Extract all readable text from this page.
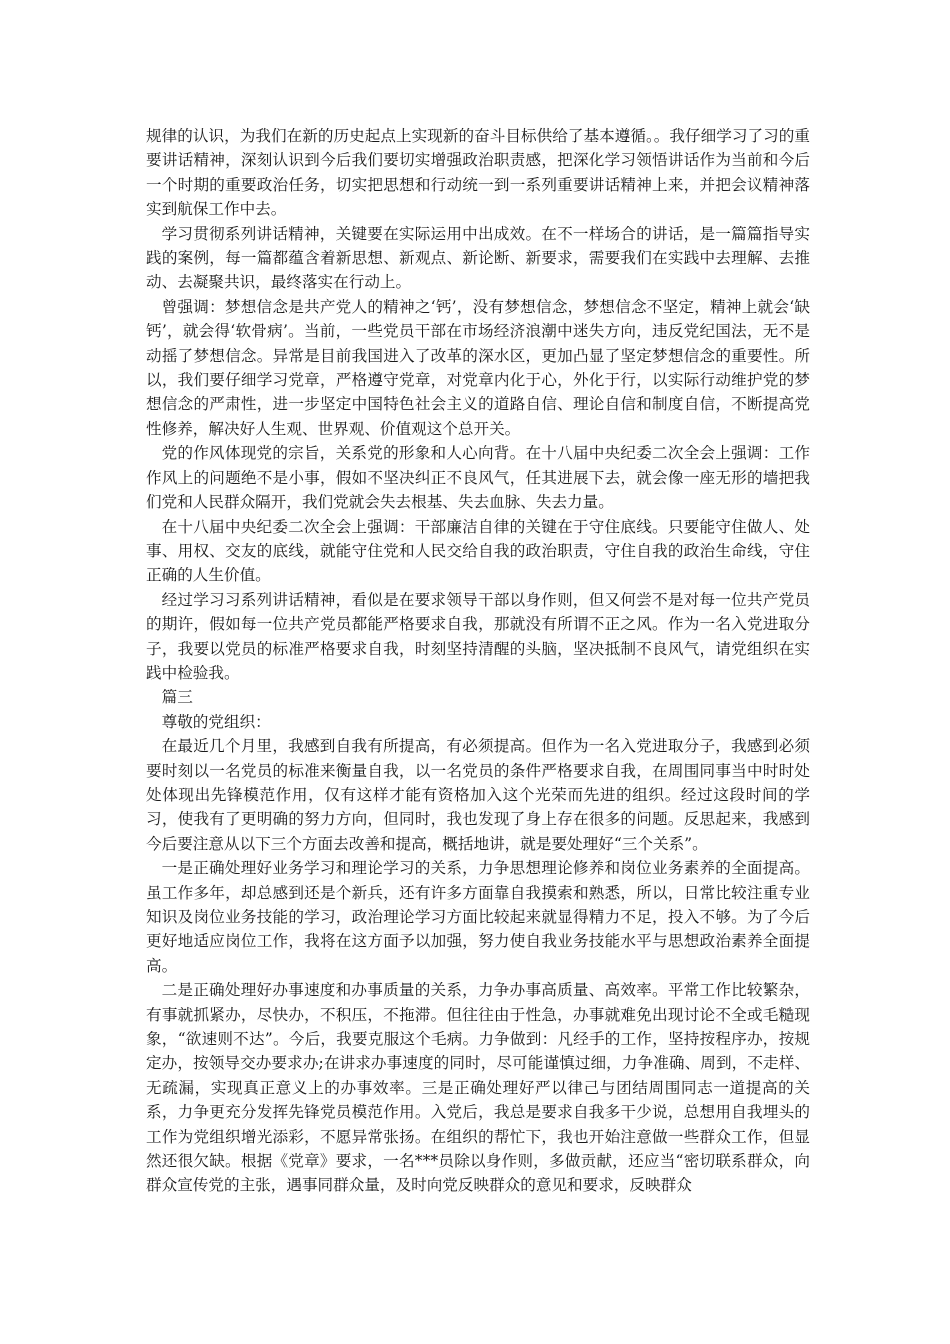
规律的认识，为我们在新的历史起点上实现新的奋斗目标供给了基本遵循。。我仔细学习了习的重要讲话精神，深刻认识到今后我们要切实增强政治职责感，把深化学习领悟讲话作为当前和今后一个时期的重要政治任务，切实把思想和行动统一到一系列重要讲话精神上来，并把会议精神落实到航保工作中去。

学习贯彻系列讲话精神，关键要在实际运用中出成效。在不一样场合的讲话，是一篇篇指导实践的案例，每一篇都蕴含着新思想、新观点、新论断、新要求，需要我们在实践中去理解、去推动、去凝聚共识，最终落实在行动上。

曾强调：梦想信念是共产党人的精神之‘钙’，没有梦想信念，梦想信念不坚定，精神上就会‘缺钙’，就会得‘软骨病’。当前，一些党员干部在市场经济浪潮中迷失方向，违反党纪国法，无不是动摇了梦想信念。异常是目前我国进入了改革的深水区，更加凸显了坚定梦想信念的重要性。所以，我们要仔细学习党章，严格遵守党章，对党章内化于心，外化于行，以实际行动维护党的梦想信念的严肃性，进一步坚定中国特色社会主义的道路自信、理论自信和制度自信，不断提高党性修养，解决好人生观、世界观、价值观这个总开关。

党的作风体现党的宗旨，关系党的形象和人心向背。在十八届中央纪委二次全会上强调：工作作风上的问题绝不是小事，假如不坚决纠正不良风气，任其进展下去，就会像一座无形的墙把我们党和人民群众隔开，我们党就会失去根基、失去血脉、失去力量。

在十八届中央纪委二次全会上强调：干部廉洁自律的关键在于守住底线。只要能守住做人、处事、用权、交友的底线，就能守住党和人民交给自我的政治职责，守住自我的政治生命线，守住正确的人生价值。

经过学习习系列讲话精神，看似是在要求领导干部以身作则，但又何尝不是对每一位共产党员的期许，假如每一位共产党员都能严格要求自我，那就没有所谓不正之风。作为一名入党进取分子，我要以党员的标准严格要求自我，时刻坚持清醒的头脑，坚决抵制不良风气，请党组织在实践中检验我。

篇三

尊敬的党组织：

在最近几个月里，我感到自我有所提高，有必须提高。但作为一名入党进取分子，我感到必须要时刻以一名党员的标准来衡量自我，以一名党员的条件严格要求自我，在周围同事当中时时处处体现出先锋模范作用，仅有这样才能有资格加入这个光荣而先进的组织。经过这段时间的学习，使我有了更明确的努力方向，但同时，我也发现了身上存在很多的问题。反思起来，我感到今后要注意从以下三个方面去改善和提高，概括地讲，就是要处理好“三个关系”。

一是正确处理好业务学习和理论学习的关系，力争思想理论修养和岗位业务素养的全面提高。虽工作多年，却总感到还是个新兵，还有许多方面靠自我摸索和熟悉，所以，日常比较注重专业知识及岗位业务技能的学习，政治理论学习方面比较起来就显得精力不足，投入不够。为了今后更好地适应岗位工作，我将在这方面予以加强，努力使自我业务技能水平与思想政治素养全面提高。

二是正确处理好办事速度和办事质量的关系，力争办事高质量、高效率。平常工作比较繁杂，有事就抓紧办，尽快办，不积压，不拖滞。但往往由于性急，办事就难免出现讨论不全或毛糙现象，“欲速则不达”。今后，我要克服这个毛病。力争做到：凡经手的工作，坚持按程序办，按规定办，按领导交办要求办;在讲求办事速度的同时，尽可能谨慎过细，力争准确、周到，不走样、无疏漏，实现真正意义上的办事效率。三是正确处理好严以律己与团结周围同志一道提高的关系，力争更充分发挥先锋党员模范作用。入党后，我总是要求自我多干少说，总想用自我埋头的工作为党组织增光添彩，不愿异常张扬。在组织的帮忙下，我也开始注意做一些群众工作，但显然还很欠缺。根据《党章》要求，一名***员除以身作则，多做贡献，还应当“密切联系群众，向群众宣传党的主张，遇事同群众量，及时向党反映群众的意见和要求，反映群众
